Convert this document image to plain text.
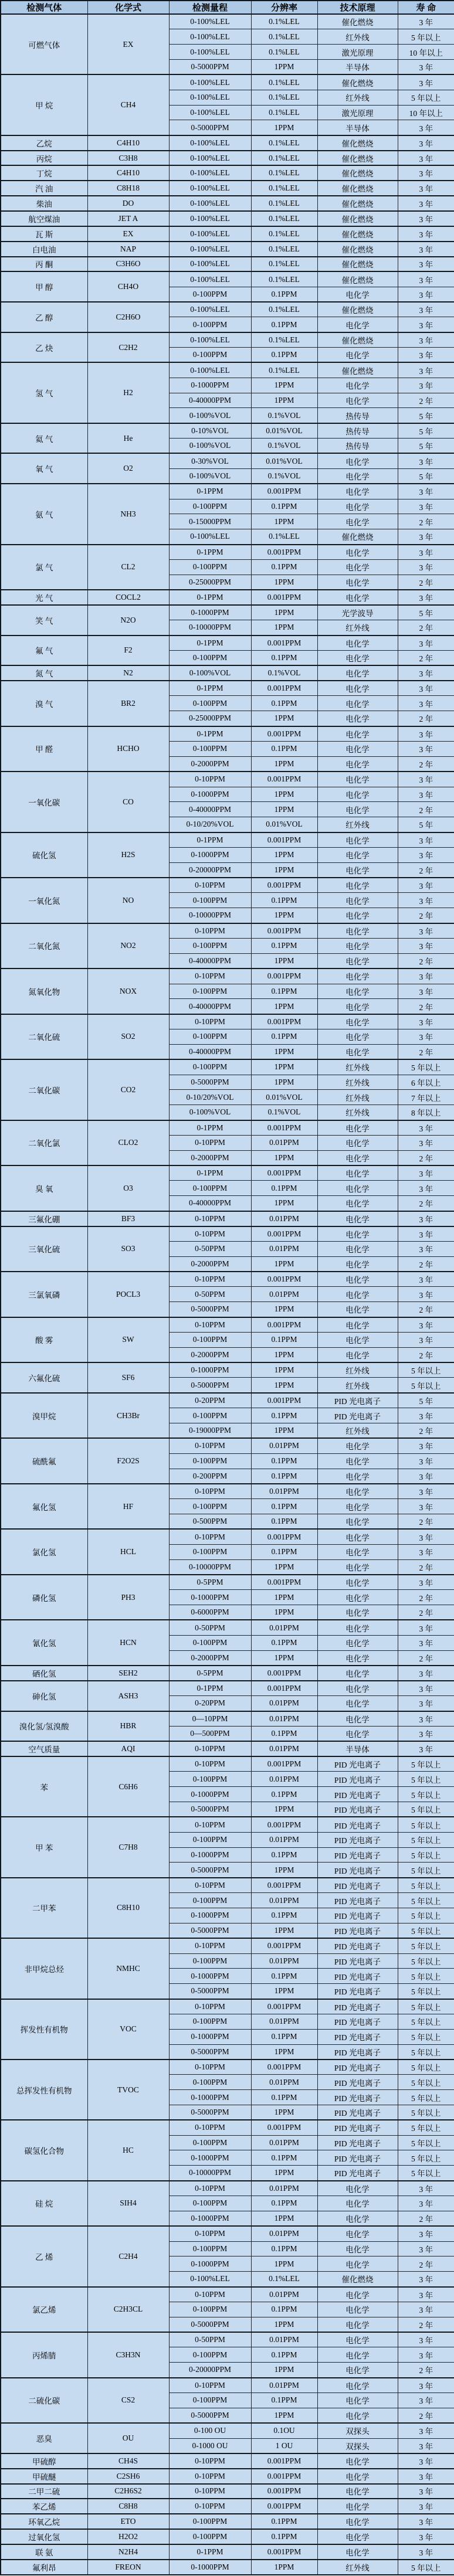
检测气体	化学式	检测量程	分辨率	技术原理	寿 命
可燃气体	EX	0-100%LEL	0.1%LEL	催化燃烧	3 年
		0-100%LEL	0.1%LEL	红外线	5 年以上
		0-100%LEL	0.1%LEL	激光原理	10 年以上
		0-5000PPM	1PPM	半导体	3 年
甲 烷	CH4	0-100%LEL	0.1%LEL	催化燃烧	3 年
		0-100%LEL	0.1%LEL	红外线	5 年以上
		0-100%LEL	0.1%LEL	激光原理	10 年以上
		0-5000PPM	1PPM	半导体	3 年
乙烷	C4H10	0-100%LEL	0.1%LEL	催化燃烧	3 年
丙烷	C3H8	0-100%LEL	0.1%LEL	催化燃烧	3 年
丁烷	C4H10	0-100%LEL	0.1%LEL	催化燃烧	3 年
汽 油	C8H18	0-100%LEL	0.1%LEL	催化燃烧	3 年
柴油	DO	0-100%LEL	0.1%LEL	催化燃烧	3 年
航空煤油	JET A	0-100%LEL	0.1%LEL	催化燃烧	3 年
瓦 斯	EX	0-100%LEL	0.1%LEL	催化燃烧	3 年
白电油	NAP	0-100%LEL	0.1%LEL	催化燃烧	3 年
丙 酮	C3H6O	0-100%LEL	0.1%LEL	催化燃烧	3 年
甲 醇	CH4O	0-100%LEL	0.1%LEL	催化燃烧	3 年
		0-100PPM	0.1PPM	电化学	3 年
乙 醇	C2H6O	0-100%LEL	0.1%LEL	催化燃烧	3 年
		0-100PPM	0.1PPM	电化学	3 年
乙 炔	C2H2	0-100%LEL	0.1%LEL	催化燃烧	3 年
		0-100PPM	0.1PPM	电化学	3 年
氢 气	H2	0-100%LEL	0.1%LEL	催化燃烧	3 年
		0-1000PPM	1PPM	电化学	3 年
		0-40000PPM	1PPM	电化学	2 年
		0-100%VOL	0.1%VOL	热传导	5 年
氦 气	He	0-10%VOL	0.01%VOL	热传导	5 年
		0-100%VOL	0.1%VOL	热传导	5 年
氧 气	O2	0-30%VOL	0.01%VOL	电化学	3 年
		0-100%VOL	0.1%VOL	电化学	5 年
氨 气	NH3	0-1PPM	0.001PPM	电化学	3 年
		0-100PPM	0.1PPM	电化学	3 年
		0-15000PPM	1PPM	电化学	2 年
		0-100%LEL	0.1%LEL	催化燃烧	3 年
氯 气	CL2	0-1PPM	0.001PPM	电化学	3 年
		0-100PPM	0.1PPM	电化学	3 年
		0-25000PPM	1PPM	电化学	2 年
光 气	COCL2	0-1PPM	0.001PPM	电化学	3 年
笑 气	N2O	0-1000PPM	1PPM	光学波导	5 年
		0-10000PPM	1PPM	红外线	2 年
氟 气	F2	0-1PPM	0.001PPM	电化学	3 年
		0-100PPM	0.1PPM	电化学	2 年
氮 气	N2	0-100%VOL	0.1%VOL	电化学	3 年
溴 气	BR2	0-1PPM	0.001PPM	电化学	3 年
		0-100PPM	0.1PPM	电化学	3 年
		0-25000PPM	1PPM	电化学	2 年
甲 醛	HCHO	0-1PPM	0.001PPM	电化学	3 年
		0-100PPM	0.1PPM	电化学	3 年
		0-2000PPM	1PPM	电化学	2 年
一氧化碳	CO	0-10PPM	0.001PPM	电化学	3 年
		0-1000PPM	1PPM	电化学	3 年
		0-40000PPM	1PPM	电化学	2 年
		0-10/20%VOL	0.01%VOL	红外线	5 年
硫化氢	H2S	0-1PPM	0.001PPM	电化学	3 年
		0-1000PPM	1PPM	电化学	3 年
		0-20000PPM	1PPM	电化学	2 年
一氧化氮	NO	0-10PPM	0.001PPM	电化学	3 年
		0-100PPM	0.1PPM	电化学	3 年
		0-10000PPM	1PPM	电化学	2 年
二氧化氮	NO2	0-10PPM	0.001PPM	电化学	3 年
		0-100PPM	0.1PPM	电化学	3 年
		0-40000PPM	1PPM	电化学	2 年
氮氧化物	NOX	0-10PPM	0.001PPM	电化学	3 年
		0-100PPM	0.1PPM	电化学	3 年
		0-40000PPM	1PPM	电化学	2 年
二氧化硫	SO2	0-10PPM	0.001PPM	电化学	3 年
		0-100PPM	0.1PPM	电化学	3 年
		0-40000PPM	1PPM	电化学	2 年
二氧化碳	CO2	0-100PPM	1PPM	红外线	5 年以上
		0-5000PPM	1PPM	红外线	6 年以上
		0-10/20%VOL	0.01%VOL	红外线	7 年以上
		0-100%VOL	0.1%VOL	红外线	8 年以上
二氧化氯	CLO2	0-1PPM	0.001PPM	电化学	3 年
		0-10PPM	0.01PPM	电化学	3 年
		0-2000PPM	1PPM	电化学	2 年
臭 氧	O3	0-1PPM	0.001PPM	电化学	3 年
		0-100PPM	0.1PPM	电化学	3 年
		0-40000PPM	1PPM	电化学	2 年
三氟化硼	BF3	0-10PPM	0.01PPM	电化学	3 年
三氧化硫	SO3	0-10PPM	0.001PPM	电化学	3 年
		0-50PPM	0.01PPM	电化学	3 年
		0-2000PPM	1PPM	电化学	2 年
三氯氧磷	POCL3	0-10PPM	0.001PPM	电化学	3 年
		0-50PPM	0.01PPM	电化学	3 年
		0-5000PPM	1PPM	电化学	2 年
酸 雾	SW	0-10PPM	0.001PPM	电化学	3 年
		0-100PPM	0.1PPM	电化学	3 年
		0-2000PPM	1PPM	电化学	2 年
六氟化硫	SF6	0-1000PPM	1PPM	红外线	5 年以上
		0-5000PPM	1PPM	红外线	5 年以上
溴甲烷	CH3Br	0-20PPM	0.001PPM	PID 光电离子	5 年
		0-100PPM	0.1PPM	PID 光电离子	3 年
		0-19000PPM	1PPM	红外线	2 年
硫酰氟	F2O2S	0-10PPM	0.01PPM	电化学	3 年
		0-100PPM	0.1PPM	电化学	3 年
		0-200PPM	0.1PPM	电化学	3 年
氟化氢	HF	0-10PPM	0.01PPM	电化学	3 年
		0-100PPM	0.1PPM	电化学	3 年
		0-500PPM	0.1PPM	电化学	2 年
氯化氢	HCL	0-10PPM	0.001PPM	电化学	3 年
		0-100PPM	0.1PPM	电化学	3 年
		0-10000PPM	1PPM	电化学	2 年
磷化氢	PH3	0-5PPM	0.001PPM	电化学	3 年
		0-1000PPM	1PPM	电化学	2 年
		0-6000PPM	1PPM	电化学	2 年
氰化氢	HCN	0-50PPM	0.01PPM	电化学	3 年
		0-100PPM	0.1PPM	电化学	3 年
		0-2000PPM	1PPM	电化学	2 年
硒化氢	SEH2	0-5PPM	0.001PPM	电化学	3 年
砷化氢	ASH3	0-1PPM	0.001PPM	电化学	3 年
		0-20PPM	0.01PPM	电化学	3 年
溴化氢/氢溴酸	HBR	0—10PPM	0.01PPM	电化学	3 年
		0—500PPM	0.1PPM	电化学	3 年
空气质量	AQI	0-10PPM	0.01PPM	半导体	3 年
苯	C6H6	0-10PPM	0.001PPM	PID 光电离子	5 年以上
		0-100PPM	0.01PPM	PID 光电离子	5 年以上
		0-1000PPM	0.1PPM	PID 光电离子	5 年以上
		0-5000PPM	1PPM	PID 光电离子	5 年以上
甲 苯	C7H8	0-10PPM	0.001PPM	PID 光电离子	5 年以上
		0-100PPM	0.01PPM	PID 光电离子	5 年以上
		0-1000PPM	0.1PPM	PID 光电离子	5 年以上
		0-5000PPM	1PPM	PID 光电离子	5 年以上
二甲苯	C8H10	0-10PPM	0.001PPM	PID 光电离子	5 年以上
		0-100PPM	0.01PPM	PID 光电离子	5 年以上
		0-1000PPM	0.1PPM	PID 光电离子	5 年以上
		0-5000PPM	1PPM	PID 光电离子	5 年以上
非甲烷总烃	NMHC	0-10PPM	0.001PPM	PID 光电离子	5 年以上
		0-100PPM	0.01PPM	PID 光电离子	5 年以上
		0-1000PPM	0.1PPM	PID 光电离子	5 年以上
		0-5000PPM	1PPM	PID 光电离子	5 年以上
挥发性有机物	VOC	0-10PPM	0.001PPM	PID 光电离子	5 年以上
		0-100PPM	0.01PPM	PID 光电离子	5 年以上
		0-1000PPM	0.1PPM	PID 光电离子	5 年以上
		0-5000PPM	1PPM	PID 光电离子	5 年以上
总挥发性有机物	TVOC	0-10PPM	0.001PPM	PID 光电离子	5 年以上
		0-100PPM	0.01PPM	PID 光电离子	5 年以上
		0-1000PPM	0.1PPM	PID 光电离子	5 年以上
		0-5000PPM	1PPM	PID 光电离子	5 年以上
碳氢化合物	HC	0-10PPM	0.001PPM	PID 光电离子	5 年以上
		0-100PPM	0.01PPM	PID 光电离子	5 年以上
		0-1000PPM	0.1PPM	PID 光电离子	5 年以上
		0-10000PPM	1PPM	PID 光电离子	5 年以上
硅 烷	SIH4	0-10PPM	0.01PPM	电化学	3 年
		0-100PPM	0.1PPM	电化学	3 年
		0-1000PPM	1PPM	电化学	2 年
乙 烯	C2H4	0-10PPM	0.01PPM	电化学	3 年
		0-100PPM	0.1PPM	电化学	3 年
		0-1000PPM	1PPM	电化学	2 年
		0-100%LEL	0.1%LEL	催化燃烧	3 年
氯乙烯	C2H3CL	0-10PPM	0.01PPM	电化学	3 年
		0-100PPM	0.1PPM	电化学	3 年
		0-5000PPM	1PPM	电化学	2 年
丙烯腈	C3H3N	0-50PPM	0.01PPM	电化学	3 年
		0-100PPM	0.1PPM	电化学	3 年
		0-20000PPM	1PPM	电化学	2 年
二硫化碳	CS2	0-10PPM	0.01PPM	电化学	3 年
		0-100PPM	0.1PPM	电化学	3 年
		0-5000PPM	1PPM	电化学	2 年
恶臭	OU	0-100 OU	0.1OU	双探头	3 年
		0-1000 OU	1 OU	双探头	3 年
甲硫醇	CH4S	0-10PPM	0.001PPM	电化学	3 年
甲硫醚	C2SH6	0-10PPM	0.001PPM	电化学	3 年
二甲二硫	C2H6S2	0-10PPM	0.001PPM	电化学	3 年
苯乙烯	C8H8	0-10PPM	0.001PPM	电化学	3 年
环氧乙烷	ETO	0-100PPM	0.1PPM	电化学	3 年
过氧化氢	H2O2	0-100PPM	0.1PPM	电化学	3 年
联 氨	N2H4	0-1PPM	0.001PPM	电化学	3 年
氟利昂	FREON	0-1000PPM	1PPM	红外线	5 年以上
